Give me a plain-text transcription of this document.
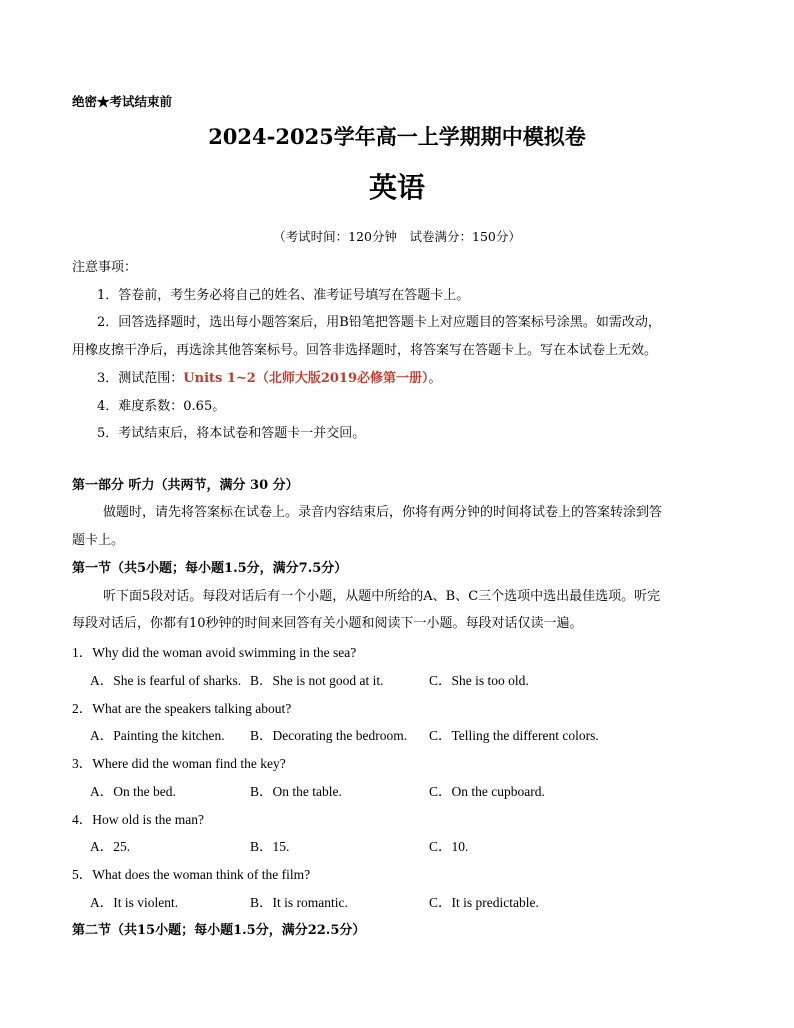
绝密★考试结束前
2024-2025学年高一上学期期中模拟卷
英语
（考试时间：120分钟　试卷满分：150分）
注意事项：
1．答卷前，考生务必将自己的姓名、准考证号填写在答题卡上。
2．回答选择题时，选出每小题答案后，用B铅笔把答题卡上对应题目的答案标号涂黑。如需改动，
用橡皮擦干净后，再选涂其他答案标号。回答非选择题时，将答案写在答题卡上。写在本试卷上无效。
3．测试范围：Units 1~2（北师大版2019必修第一册）。
4．难度系数：0.65。
5．考试结束后，将本试卷和答题卡一并交回。
第一部分 听力（共两节，满分 30 分）
做题时，请先将答案标在试卷上。录音内容结束后，你将有两分钟的时间将试卷上的答案转涂到答
题卡上。
第一节（共5小题；每小题1.5分，满分7.5分）
听下面5段对话。每段对话后有一个小题，从题中所给的A、B、C三个选项中选出最佳选项。听完
每段对话后，你都有10秒钟的时间来回答有关小题和阅读下一小题。每段对话仅读一遍。
1．Why did the woman avoid swimming in the sea?
A．She is fearful of sharks. B．She is not good at it.	C．She is too old.
2．What are the speakers talking about?
A．Painting the kitchen. B．Decorating the bedroom. C．Telling the different colors.
3．Where did the woman find the key?
A．On the bed.	B．On the table.	C．On the cupboard.
4．How old is the man?
A．25.	B．15.	C．10.
5．What does the woman think of the film?
A．It is violent.	B．It is romantic.	C．It is predictable.
第二节（共15小题；每小题1.5分，满分22.5分）
